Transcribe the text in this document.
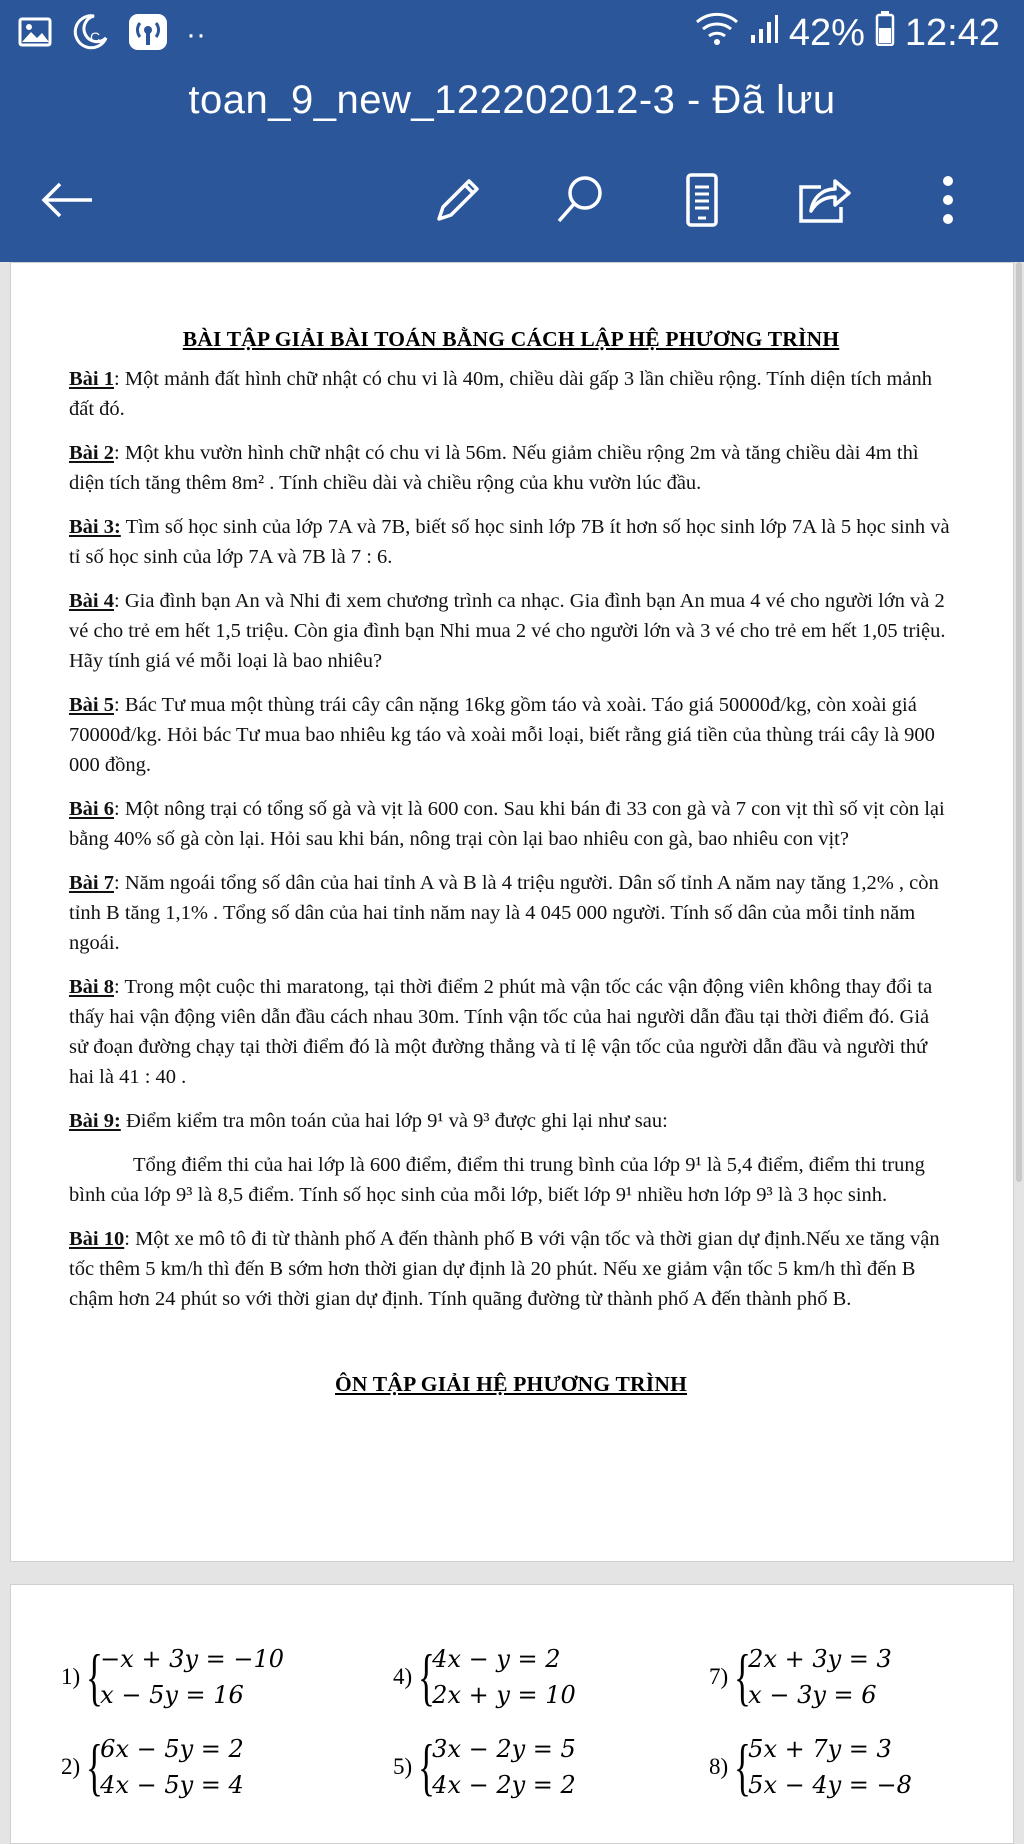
C	··	42% 12:42
toan_9_new_122202012-3 - Đã lưu
BÀI TẬP GIẢI BÀI TOÁN BẰNG CÁCH LẬP HỆ PHƯƠNG TRÌNH

Bài 1: Một mảnh đất hình chữ nhật có chu vi là 40m, chiều dài gấp 3 lần chiều rộng. Tính diện tích mảnh đất đó.

Bài 2: Một khu vườn hình chữ nhật có chu vi là 56m. Nếu giảm chiều rộng 2m và tăng chiều dài 4m thì diện tích tăng thêm 8m² . Tính chiều dài và chiều rộng của khu vườn lúc đầu.

Bài 3: Tìm số học sinh của lớp 7A và 7B, biết số học sinh lớp 7B ít hơn số học sinh lớp 7A là 5 học sinh và tỉ số học sinh của lớp 7A và 7B là 7 : 6.

Bài 4: Gia đình bạn An và Nhi đi xem chương trình ca nhạc. Gia đình bạn An mua 4 vé cho người lớn và 2 vé cho trẻ em hết 1,5 triệu. Còn gia đình bạn Nhi mua 2 vé cho người lớn và 3 vé cho trẻ em hết 1,05 triệu. Hãy tính giá vé mỗi loại là bao nhiêu?

Bài 5: Bác Tư mua một thùng trái cây cân nặng 16kg gồm táo và xoài. Táo giá 50000đ/kg, còn xoài giá 70000đ/kg. Hỏi bác Tư mua bao nhiêu kg táo và xoài mỗi loại, biết rằng giá tiền của thùng trái cây là 900 000 đồng.

Bài 6: Một nông trại có tổng số gà và vịt là 600 con. Sau khi bán đi 33 con gà và 7 con vịt thì số vịt còn lại bằng 40% số gà còn lại. Hỏi sau khi bán, nông trại còn lại bao nhiêu con gà, bao nhiêu con vịt?

Bài 7: Năm ngoái tổng số dân của hai tỉnh A và B là 4 triệu người. Dân số tỉnh A năm nay tăng 1,2% , còn tỉnh B tăng 1,1% . Tổng số dân của hai tỉnh năm nay là 4 045 000 người. Tính số dân của mỗi tỉnh năm ngoái.

Bài 8: Trong một cuộc thi maratong, tại thời điểm 2 phút mà vận tốc các vận động viên không thay đổi ta thấy hai vận động viên dẫn đầu cách nhau 30m. Tính vận tốc của hai người dẫn đầu tại thời điểm đó. Giả sử đoạn đường chạy tại thời điểm đó là một đường thẳng và tỉ lệ vận tốc của người dẫn đầu và người thứ hai là 41 : 40 .

Bài 9: Điểm kiểm tra môn toán của hai lớp 9¹ và 9³ được ghi lại như sau:

Tổng điểm thi của hai lớp là 600 điểm, điểm thi trung bình của lớp 9¹ là 5,4 điểm, điểm thi trung bình của lớp 9³ là 8,5 điểm. Tính số học sinh của mỗi lớp, biết lớp 9¹ nhiều hơn lớp 9³ là 3 học sinh.

Bài 10: Một xe mô tô đi từ thành phố A đến thành phố B với vận tốc và thời gian dự định.Nếu xe tăng vận tốc thêm 5 km/h thì đến B sớm hơn thời gian dự định là 20 phút. Nếu xe giảm vận tốc 5 km/h thì đến B chậm hơn 24 phút so với thời gian dự định. Tính quãng đường từ thành phố A đến thành phố B.

ÔN TẬP GIẢI HỆ PHƯƠNG TRÌNH
1) {
−x + 3y = −10
x − 5y = 16
4) {
4x − y = 2
2x + y = 10
7) {
2x + 3y = 3
x − 3y = 6
2) {
6x − 5y = 2
4x − 5y = 4
5) {
3x − 2y = 5
4x − 2y = 2
8) {
5x + 7y = 3
5x − 4y = −8
